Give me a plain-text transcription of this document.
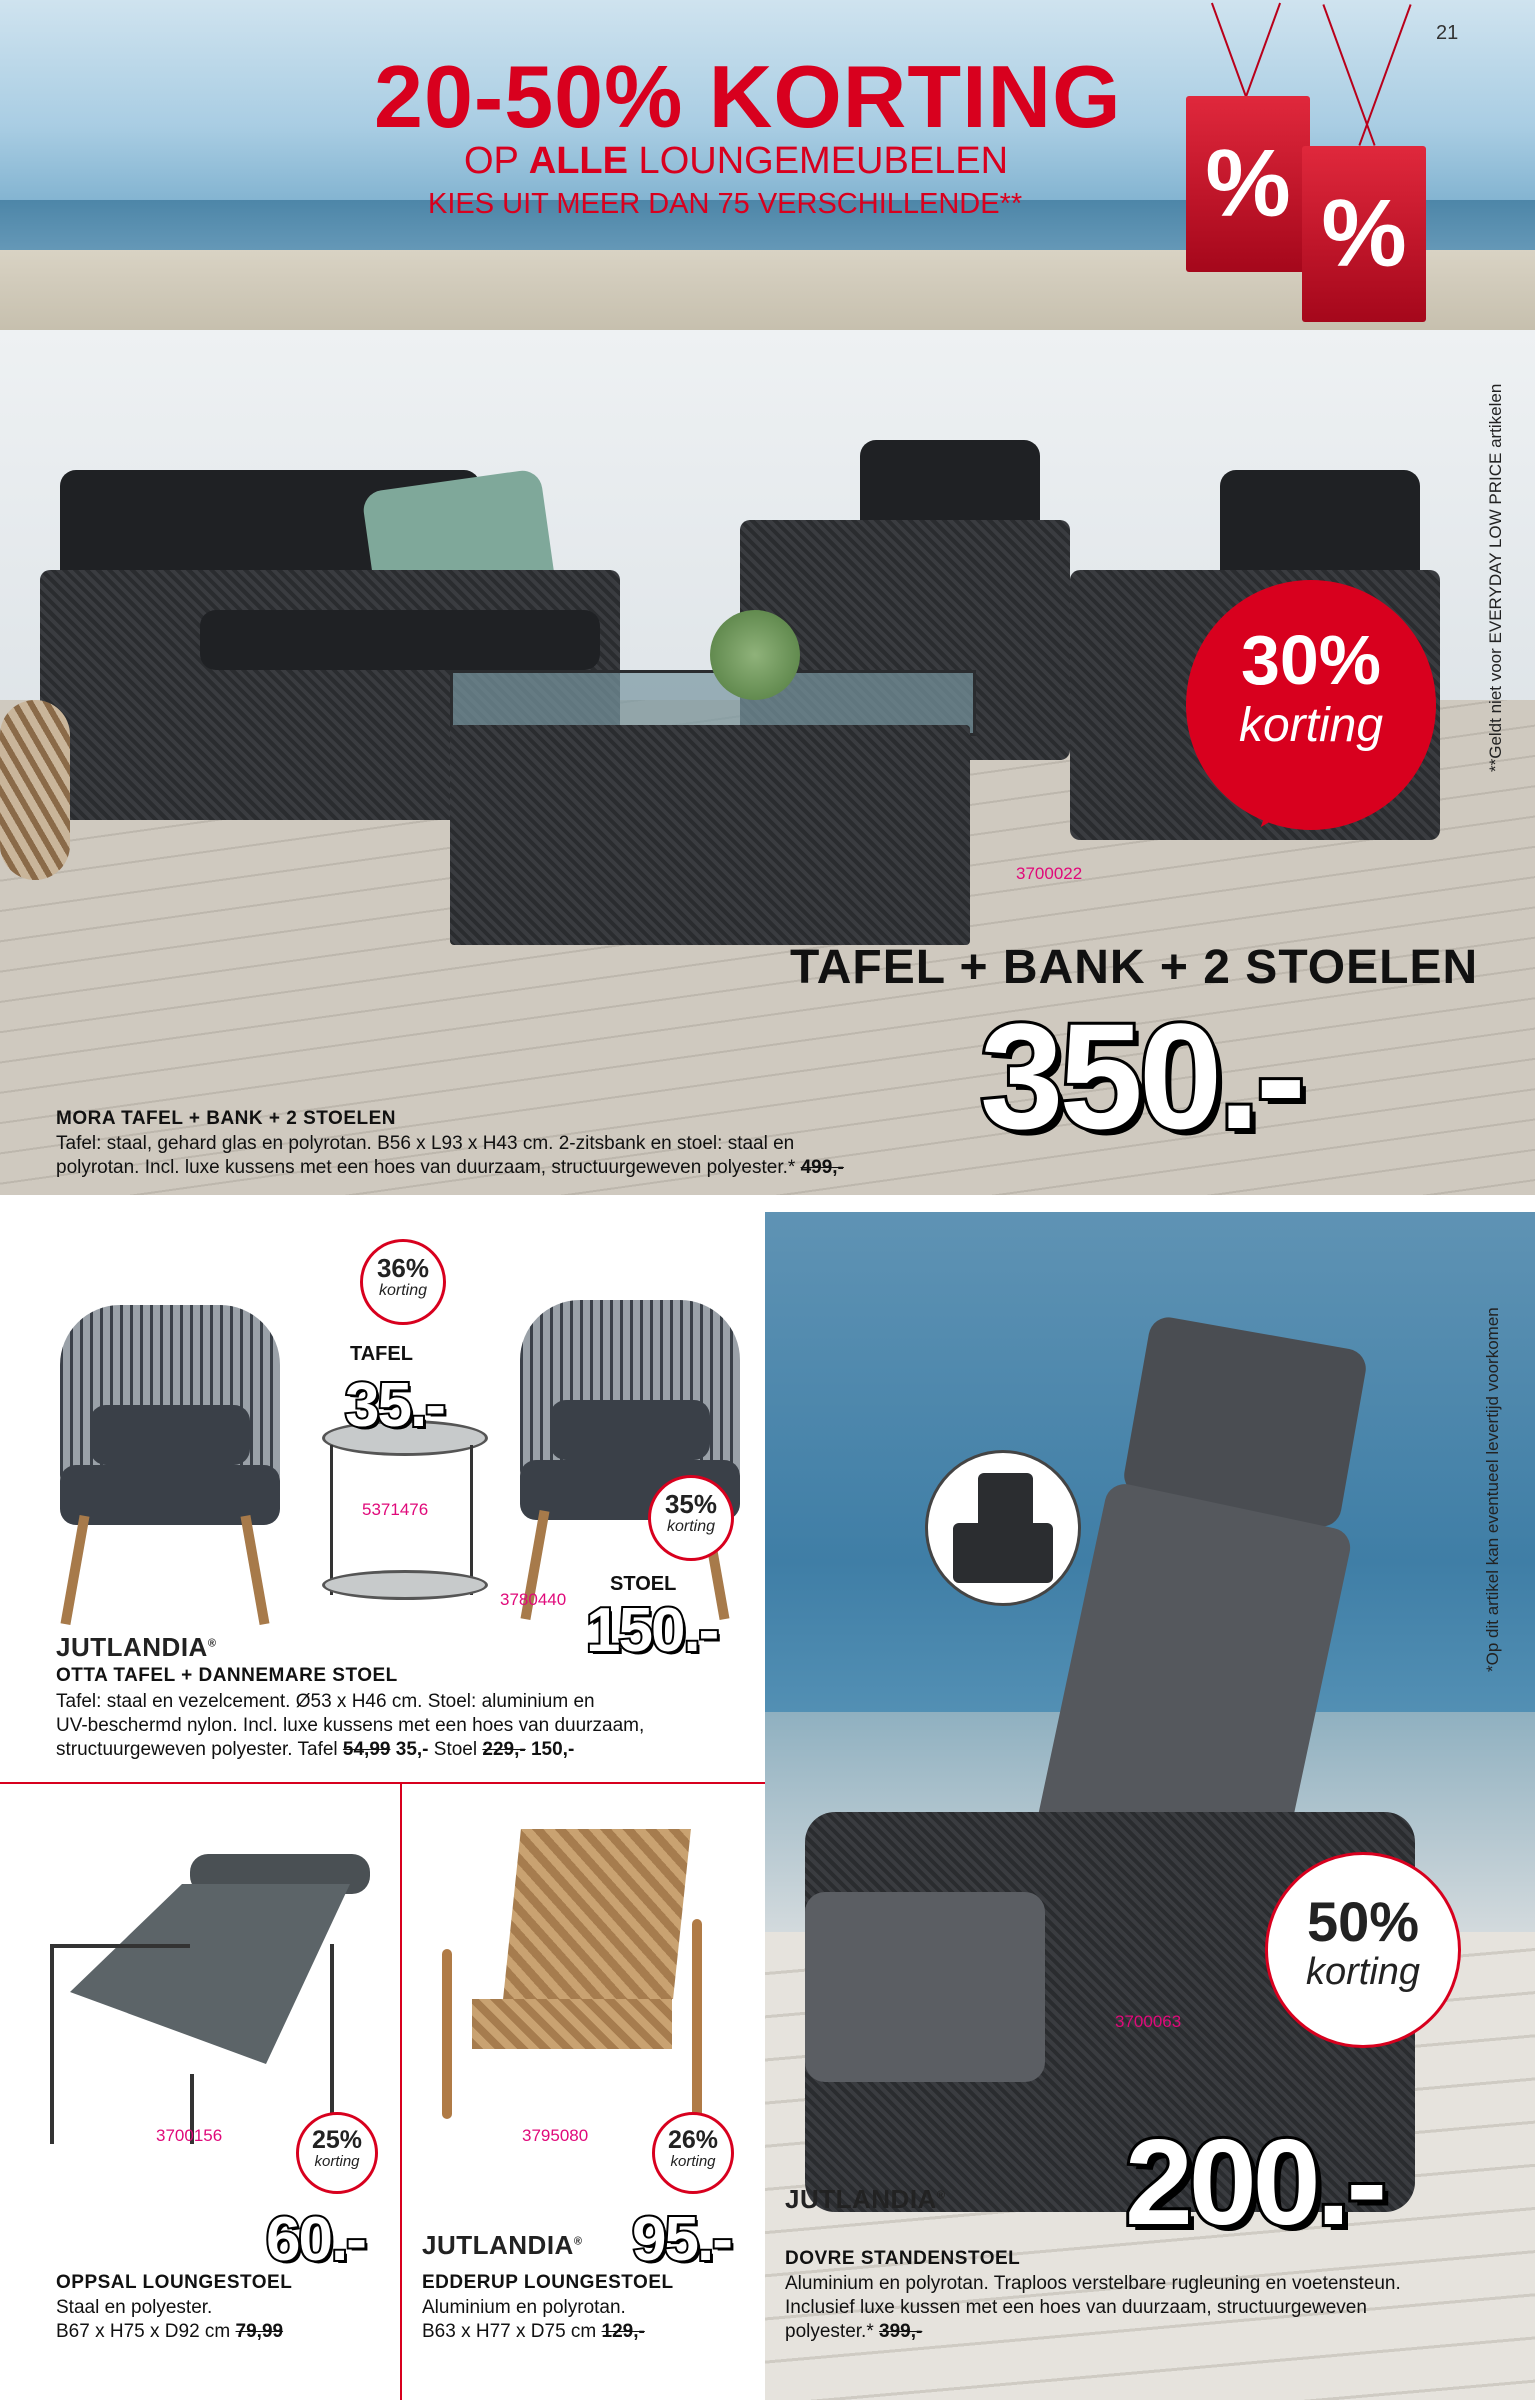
% %
20-50% KORTING
OP ALLE LOUNGEMEUBELEN
KIES UIT MEER DAN 75 VERSCHILLENDE**
21
**Geldt niet voor EVERYDAY LOW PRICE artikelen
30%
korting
3700022
TAFEL + BANK + 2 STOELEN
350.-
MORA TAFEL + BANK + 2 STOELEN
Tafel: staal, gehard glas en polyrotan. B56 x L93 x H43 cm. 2-zitsbank en stoel: staal en
polyrotan. Incl. luxe kussens met een hoes van duurzaam, structuurgeweven polyester.* 499,-
36%
korting
TAFEL
35.-
5371476	35%
korting
STOEL
3780440 150.-
JUTLANDIA®
OTTA TAFEL + DANNEMARE STOEL
Tafel: staal en vezelcement. Ø53 x H46 cm. Stoel: aluminium en
UV-beschermd nylon. Incl. luxe kussens met een hoes van duurzaam,
structuurgeweven polyester. Tafel 54,99 35,- Stoel 229,- 150,-
3700156	25%
korting
60.-
OPPSAL LOUNGESTOEL
Staal en polyester.
B67 x H75 x D92 cm 79,99
3795080	26%
korting
JUTLANDIA® 95.-
EDDERUP LOUNGESTOEL
Aluminium en polyrotan.
B63 x H77 x D75 cm 129,-
3700063
50%
korting
JUTLANDIA® 200.-
DOVRE STANDENSTOEL
Aluminium en polyrotan. Traploos verstelbare rugleuning en voetensteun.
Inclusief luxe kussen met een hoes van duurzaam, structuurgeweven
polyester.* 399,-
*Op dit artikel kan eventueel levertijd voorkomen
